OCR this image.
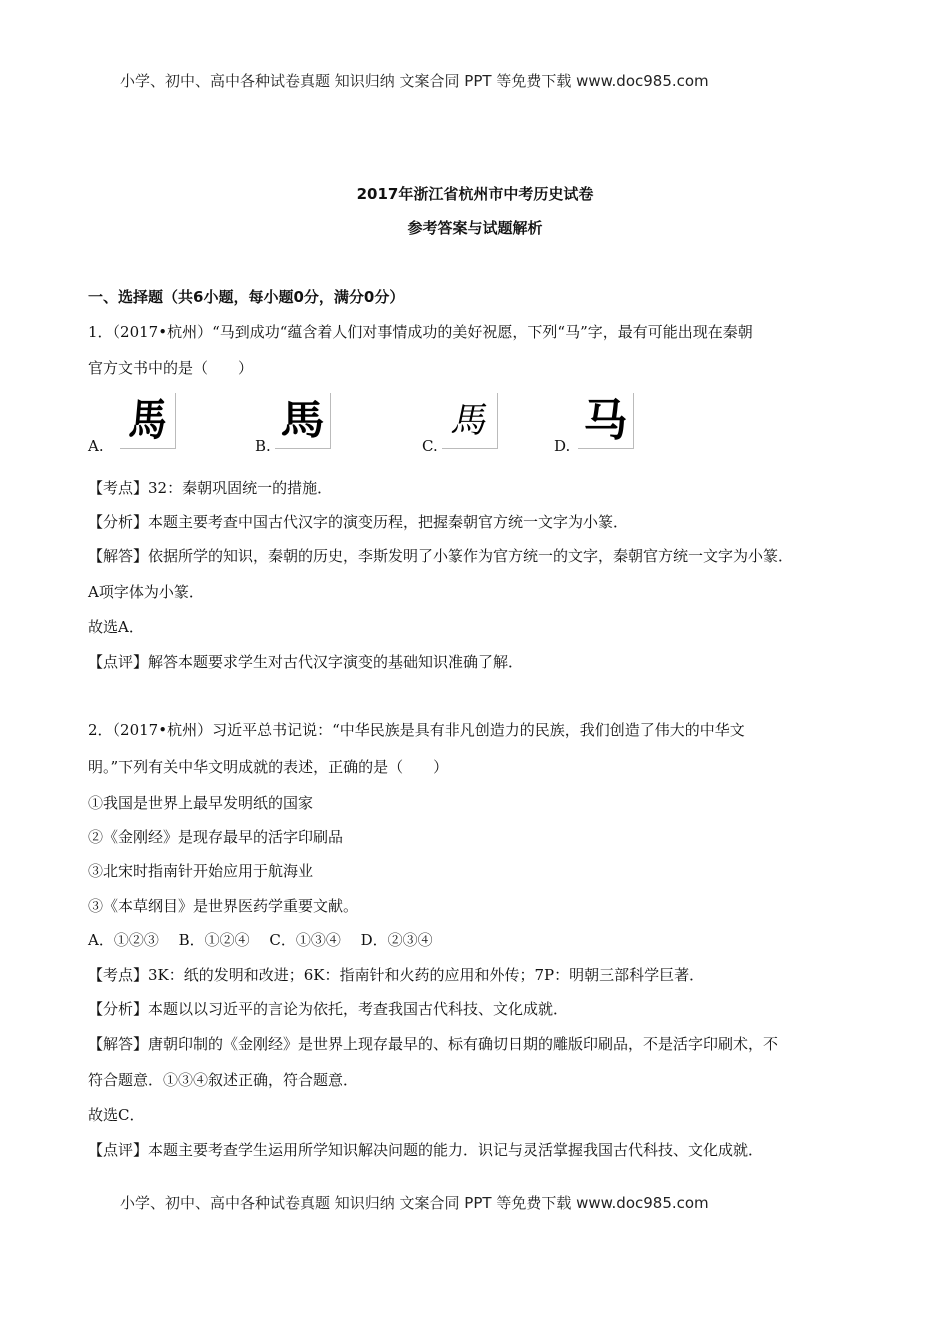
小学、初中、高中各种试卷真题 知识归纳 文案合同 PPT 等免费下载 www.doc985.com
2017年浙江省杭州市中考历史试卷
参考答案与试题解析
一、选择题（共6小题，每小题0分，满分0分）
1．（2017•杭州）“马到成功“蕴含着人们对事情成功的美好祝愿，下列“马”字，最有可能出现在秦朝
官方文书中的是（　　）
A.
馬
B.
馬
C.
馬
D.
马
【考点】32：秦朝巩固统一的措施．
【分析】本题主要考查中国古代汉字的演变历程，把握秦朝官方统一文字为小篆．
【解答】依据所学的知识，秦朝的历史，李斯发明了小篆作为官方统一的文字，秦朝官方统一文字为小篆．
A项字体为小篆．
故选A．
【点评】解答本题要求学生对古代汉字演变的基础知识准确了解．
2．（2017•杭州）习近平总书记说：“中华民族是具有非凡创造力的民族，我们创造了伟大的中华文
明。”下列有关中华文明成就的表述，正确的是（　　）
①我国是世界上最早发明纸的国家
②《金刚经》是现存最早的活字印刷品
③北宋时指南针开始应用于航海业
③《本草纲目》是世界医药学重要文献。
A．①②③　 B．①②④　 C．①③④　 D．②③④
【考点】3K：纸的发明和改进；6K：指南针和火药的应用和外传；7P：明朝三部科学巨著．
【分析】本题以以习近平的言论为依托，考查我国古代科技、文化成就．
【解答】唐朝印制的《金刚经》是世界上现存最早的、标有确切日期的雕版印刷品，不是活字印刷术，不
符合题意．①③④叙述正确，符合题意．
故选C．
【点评】本题主要考查学生运用所学知识解决问题的能力．识记与灵活掌握我国古代科技、文化成就．
小学、初中、高中各种试卷真题 知识归纳 文案合同 PPT 等免费下载 www.doc985.com
